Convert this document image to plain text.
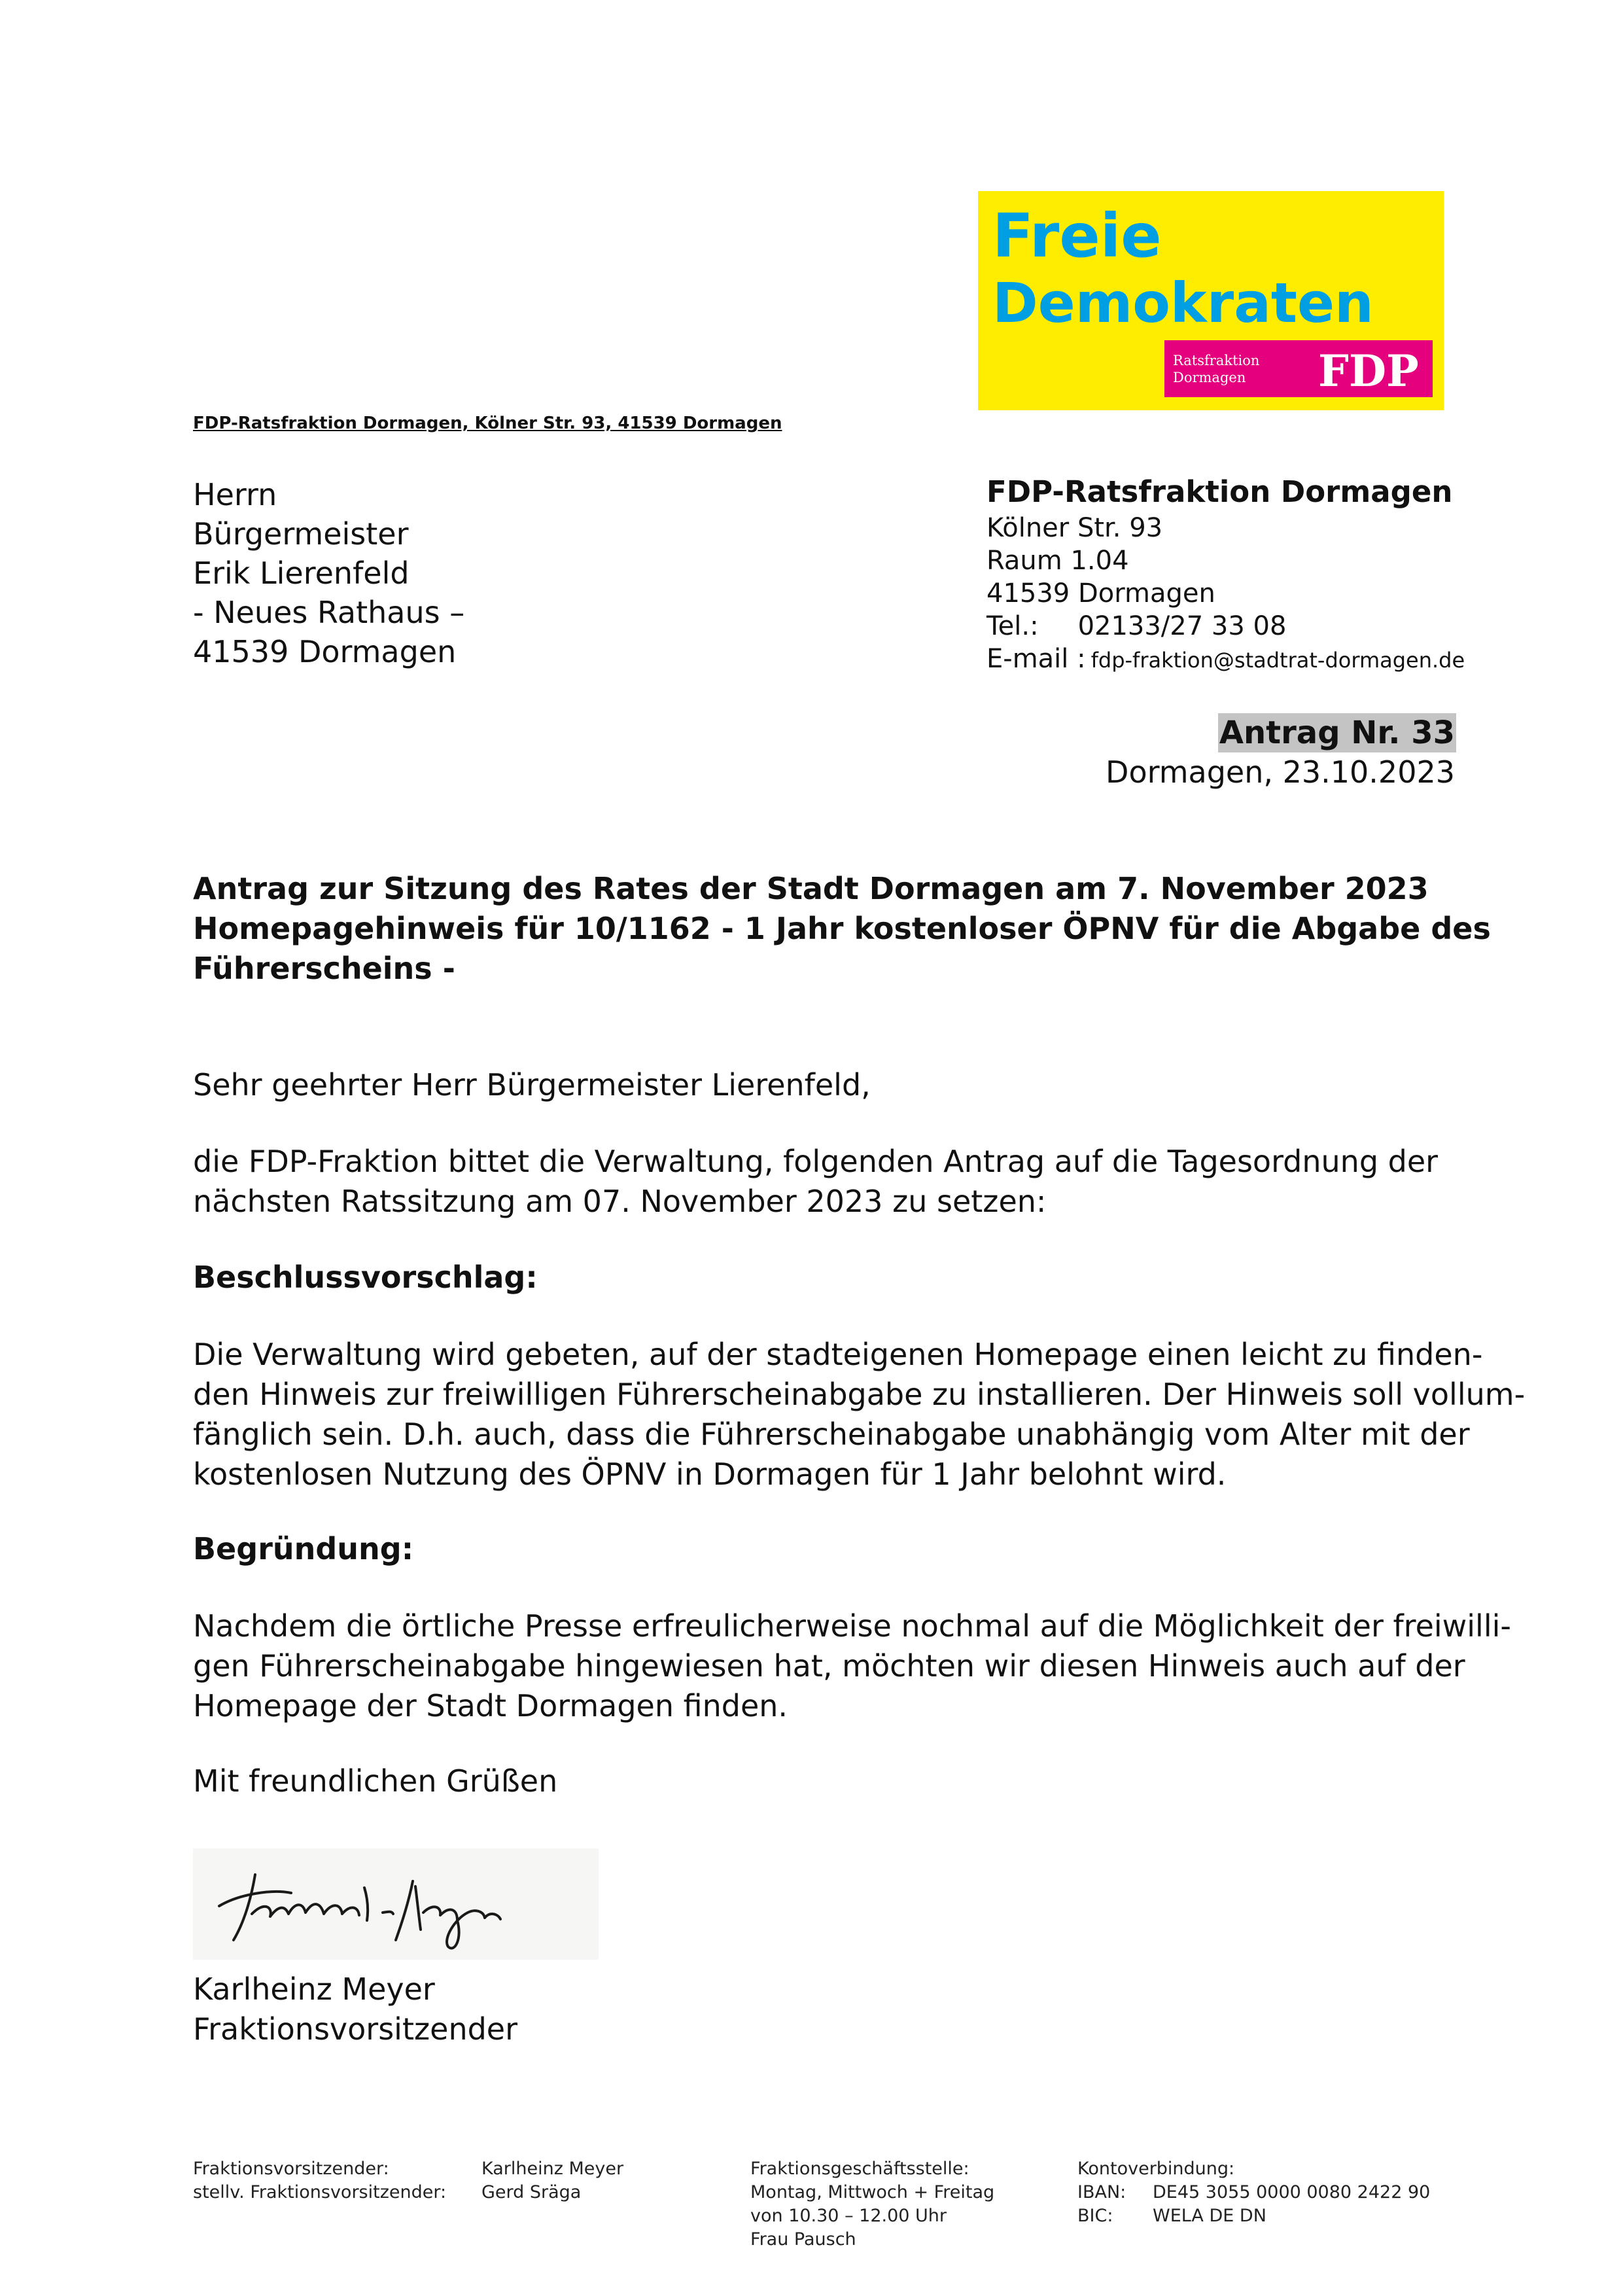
Freie
Demokraten
Ratsfraktion
Dormagen FDP
FDP-Ratsfraktion Dormagen, Kölner Str. 93, 41539 Dormagen
Herrn
Bürgermeister
Erik Lierenfeld
- Neues Rathaus –
41539 Dormagen
FDP-Ratsfraktion Dormagen
Kölner Str. 93
Raum 1.04
41539 Dormagen
Tel.: 02133/27 33 08
E-mail : fdp-fraktion@stadtrat-dormagen.de
Antrag Nr. 33
Dormagen, 23.10.2023
Antrag zur Sitzung des Rates der Stadt Dormagen am 7. November 2023
Homepagehinweis für 10/1162 - 1 Jahr kostenloser ÖPNV für die Abgabe des
Führerscheins -
Sehr geehrter Herr Bürgermeister Lierenfeld,
die FDP-Fraktion bittet die Verwaltung, folgenden Antrag auf die Tagesordnung der
nächsten Ratssitzung am 07. November 2023 zu setzen:
Beschlussvorschlag:
Die Verwaltung wird gebeten, auf der stadteigenen Homepage einen leicht zu finden-
den Hinweis zur freiwilligen Führerscheinabgabe zu installieren. Der Hinweis soll vollum-
fänglich sein. D.h. auch, dass die Führerscheinabgabe unabhängig vom Alter mit der
kostenlosen Nutzung des ÖPNV in Dormagen für 1 Jahr belohnt wird.
Begründung:
Nachdem die örtliche Presse erfreulicherweise nochmal auf die Möglichkeit der freiwilli-
gen Führerscheinabgabe hingewiesen hat, möchten wir diesen Hinweis auch auf der
Homepage der Stadt Dormagen finden.
Mit freundlichen Grüßen
Karlheinz Meyer
Fraktionsvorsitzender
Fraktionsvorsitzender:
stellv. Fraktionsvorsitzender:
Karlheinz Meyer
Gerd Sräga
Fraktionsgeschäftsstelle:
Montag, Mittwoch + Freitag
von 10.30 – 12.00 Uhr
Frau Pausch
Kontoverbindung:
IBAN: DE45 3055 0000 0080 2422 90
BIC: WELA DE DN
